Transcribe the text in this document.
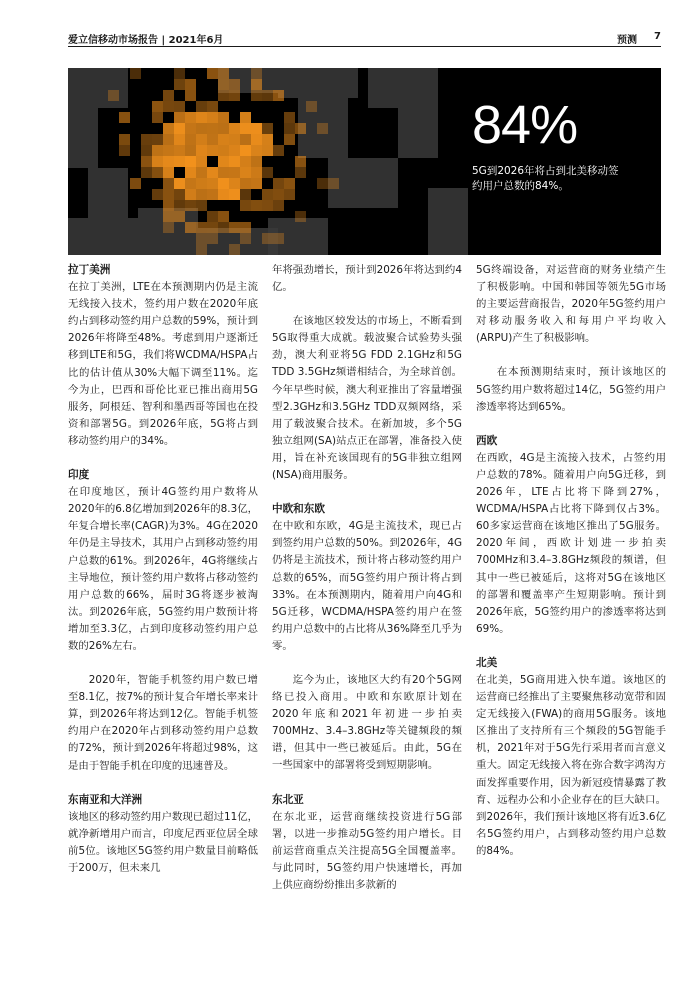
爱立信移动市场报告 | 2021年6月	预测 7
84%
5G到2026年将占到北美移动签约用户总数的84%。
拉丁美洲

在拉丁美洲，LTE在本预测期内仍是主流无线接入技术，签约用户数在2020年底约占到移动签约用户总数的59%，预计到2026年将降至48%。考虑到用户逐渐迁移到LTE和5G，我们将WCDMA/HSPA占比的估计值从30%大幅下调至11%。迄今为止，巴西和哥伦比亚已推出商用5G服务，阿根廷、智利和墨西哥等国也在投资和部署5G。到2026年底，5G将占到移动签约用户的34%。

印度

在印度地区，预计4G签约用户数将从2020年的6.8亿增加到2026年的8.3亿，年复合增长率(CAGR)为3%。4G在2020年仍是主导技术，其用户占到移动签约用户总数的61%。到2026年，4G将继续占主导地位，预计签约用户数将占移动签约用户总数的66%，届时3G将逐步被淘汰。到2026年底，5G签约用户数预计将增加至3.3亿，占到印度移动签约用户总数的26%左右。

2020年，智能手机签约用户数已增至8.1亿，按7%的预计复合年增长率来计算，到2026年将达到12亿。智能手机签约用户在2020年占到移动签约用户总数的72%，预计到2026年将超过98%，这是由于智能手机在印度的迅速普及。

东南亚和大洋洲

该地区的移动签约用户数现已超过11亿，就净新增用户而言，印度尼西亚位居全球前5位。该地区5G签约用户数量目前略低于200万，但未来几

年将强劲增长，预计到2026年将达到约4亿。

在该地区较发达的市场上，不断看到5G取得重大成就。载波聚合试验势头强劲，澳大利亚将5G FDD 2.1GHz和5G TDD 3.5GHz频谱相结合，为全球首创。今年早些时候，澳大利亚推出了容量增强型2.3GHz和3.5GHz TDD双频网络，采用了载波聚合技术。在新加坡，多个5G独立组网(SA)站点正在部署，准备投入使用，旨在补充该国现有的5G非独立组网(NSA)商用服务。

中欧和东欧

在中欧和东欧，4G是主流技术，现已占到签约用户总数的50%。到2026年，4G仍将是主流技术，预计将占移动签约用户总数的65%，而5G签约用户预计将占到33%。在本预测期内，随着用户向4G和5G迁移，WCDMA/HSPA签约用户在签约用户总数中的占比将从36%降至几乎为零。

迄今为止，该地区大约有20个5G网络已投入商用。中欧和东欧原计划在2020年底和2021年初进一步拍卖700MHz、3.4–3.8GHz等关键频段的频谱，但其中一些已被延后。由此，5G在一些国家中的部署将受到短期影响。

东北亚

在东北亚，运营商继续投资进行5G部署，以进一步推动5G签约用户增长。目前运营商重点关注提高5G全国覆盖率。与此同时，5G签约用户快速增长，再加上供应商纷纷推出多款新的

5G终端设备，对运营商的财务业绩产生了积极影响。中国和韩国等领先5G市场的主要运营商报告，2020年5G签约用户对移动服务收入和每用户平均收入(ARPU)产生了积极影响。

在本预测期结束时，预计该地区的5G签约用户数将超过14亿，5G签约用户渗透率将达到65%。

西欧

在西欧，4G是主流接入技术，占签约用户总数的78%。随着用户向5G迁移，到2026年，LTE占比将下降到27%，WCDMA/HSPA占比将下降到仅占3%。60多家运营商在该地区推出了5G服务。2020年间，西欧计划进一步拍卖700MHz和3.4–3.8GHz频段的频谱，但其中一些已被延后，这将对5G在该地区的部署和覆盖率产生短期影响。预计到2026年底，5G签约用户的渗透率将达到69%。

北美

在北美，5G商用进入快车道。该地区的运营商已经推出了主要聚焦移动宽带和固定无线接入(FWA)的商用5G服务。该地区推出了支持所有三个频段的5G智能手机，2021年对于5G先行采用者而言意义重大。固定无线接入将在弥合数字鸿沟方面发挥重要作用，因为新冠疫情暴露了教育、远程办公和小企业存在的巨大缺口。到2026年，我们预计该地区将有近3.6亿名5G签约用户，占到移动签约用户总数的84%。
